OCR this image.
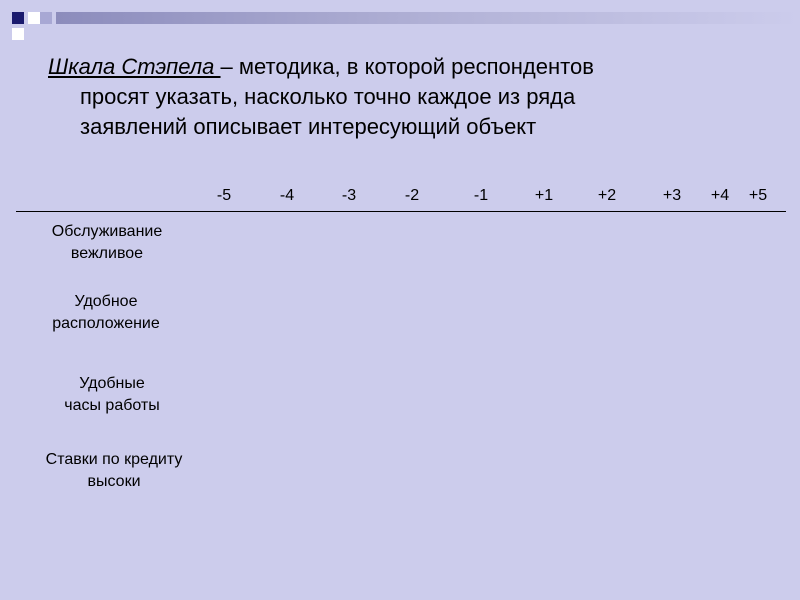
Шкала Стэпела – методика, в которой респондентов
просят указать, насколько точно каждое из ряда
заявлений описывает интересующий объект
-5	-4	-3	-2	-1	+1	+2	+3 +4 +5
Обслуживание
вежливое
Удобное
расположение
Удобные
часы работы
Ставки по кредиту
высоки
